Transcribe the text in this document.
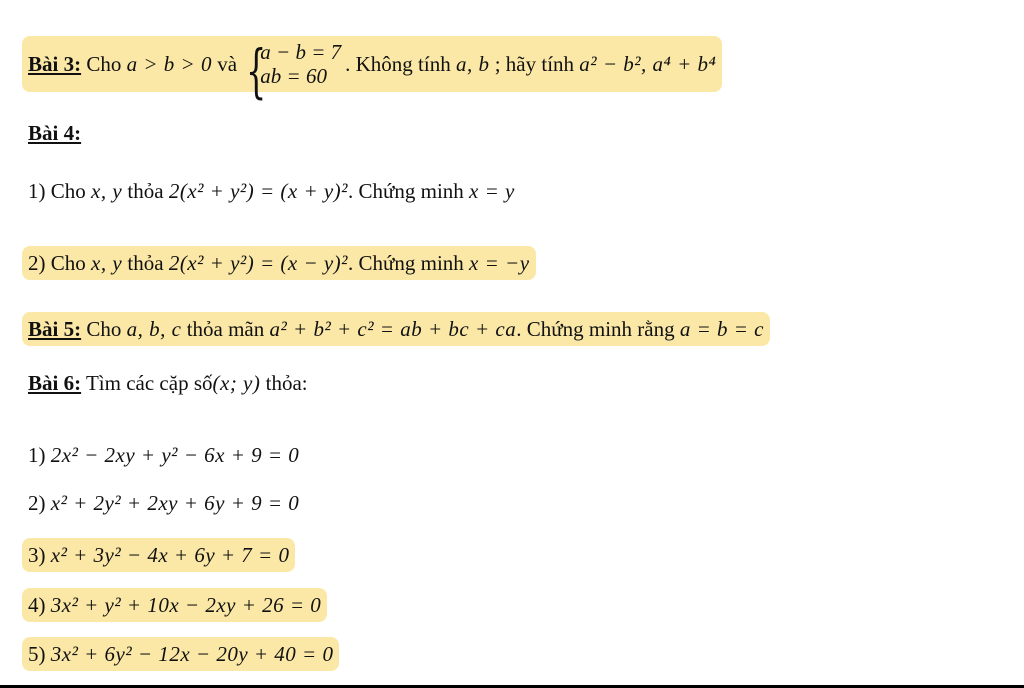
Bài 3: Cho a > b > 0 và {
a − b = 7
ab = 60
. Không tính a, b ; hãy tính a² − b², a⁴ + b⁴
Bài 4:
1) Cho x, y thỏa 2(x² + y²) = (x + y)². Chứng minh x = y
2) Cho x, y thỏa 2(x² + y²) = (x − y)². Chứng minh x = −y
Bài 5: Cho a, b, c thỏa mãn a² + b² + c² = ab + bc + ca. Chứng minh rằng a = b = c
Bài 6: Tìm các cặp số(x; y) thỏa:
1) 2x² − 2xy + y² − 6x + 9 = 0
2) x² + 2y² + 2xy + 6y + 9 = 0
3) x² + 3y² − 4x + 6y + 7 = 0
4) 3x² + y² + 10x − 2xy + 26 = 0
5) 3x² + 6y² − 12x − 20y + 40 = 0
